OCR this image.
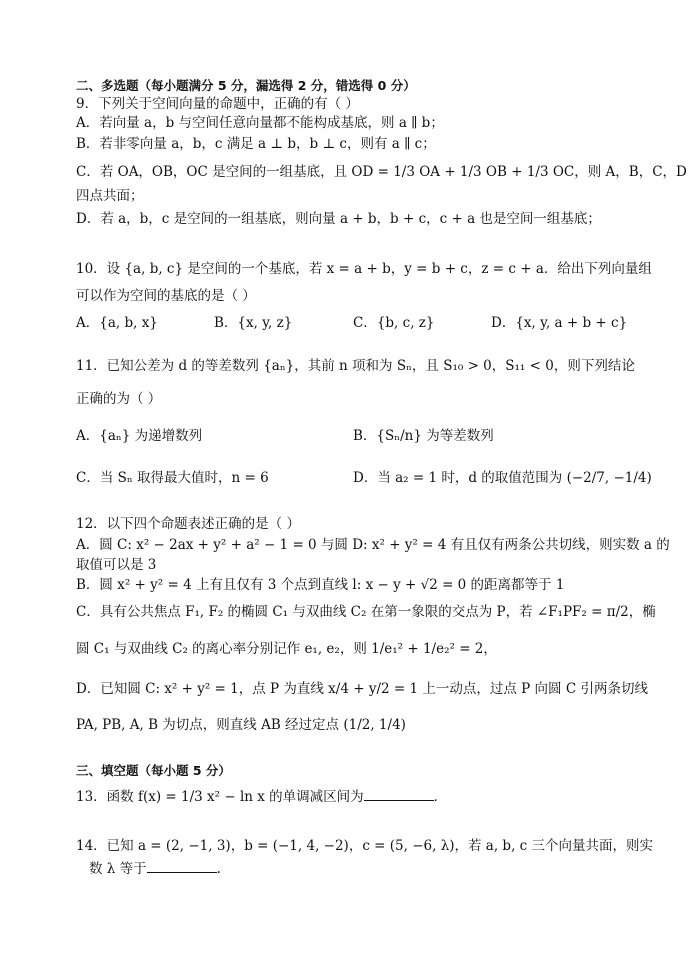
二、多选题（每小题满分 5 分，漏选得 2 分，错选得 0 分）
9．下列关于空间向量的命题中，正确的有（ ）
A．若向量 a，b 与空间任意向量都不能构成基底，则 a ∥ b；
B．若非零向量 a，b，c 满足 a ⊥ b，b ⊥ c，则有 a ∥ c；
C．若 OA，OB，OC 是空间的一组基底，且 OD = 1/3 OA + 1/3 OB + 1/3 OC，则 A，B，C，D
四点共面；
D．若 a，b，c 是空间的一组基底，则向量 a + b，b + c，c + a 也是空间一组基底；
10．设 {a, b, c} 是空间的一个基底，若 x = a + b，y = b + c，z = c + a．给出下列向量组
可以作为空间的基底的是（ ）
A．{a, b, x}	B．{x, y, z}	C．{b, c, z}	D．{x, y, a + b + c}
11．已知公差为 d 的等差数列 {aₙ}，其前 n 项和为 Sₙ，且 S₁₀ > 0，S₁₁ < 0，则下列结论
正确的为（ ）
A．{aₙ} 为递增数列	B．{Sₙ/n} 为等差数列
C．当 Sₙ 取得最大值时，n = 6	D．当 a₂ = 1 时，d 的取值范围为 (−2/7, −1/4)
12．以下四个命题表述正确的是（ ）
A．圆 C: x² − 2ax + y² + a² − 1 = 0 与圆 D: x² + y² = 4 有且仅有两条公共切线，则实数 a 的
取值可以是 3
B．圆 x² + y² = 4 上有且仅有 3 个点到直线 l: x − y + √2 = 0 的距离都等于 1
C．具有公共焦点 F₁, F₂ 的椭圆 C₁ 与双曲线 C₂ 在第一象限的交点为 P，若 ∠F₁PF₂ = π/2，椭
圆 C₁ 与双曲线 C₂ 的离心率分别记作 e₁, e₂，则 1/e₁² + 1/e₂² = 2，
D．已知圆 C: x² + y² = 1，点 P 为直线 x/4 + y/2 = 1 上一动点，过点 P 向圆 C 引两条切线
PA, PB, A, B 为切点，则直线 AB 经过定点 (1/2, 1/4)
三、填空题（每小题 5 分）
13．函数 f(x) = 1/3 x² − ln x 的单调减区间为	．
14．已知 a = (2, −1, 3)，b = (−1, 4, −2)，c = (5, −6, λ)，若 a, b, c 三个向量共面，则实
数 λ 等于	.
